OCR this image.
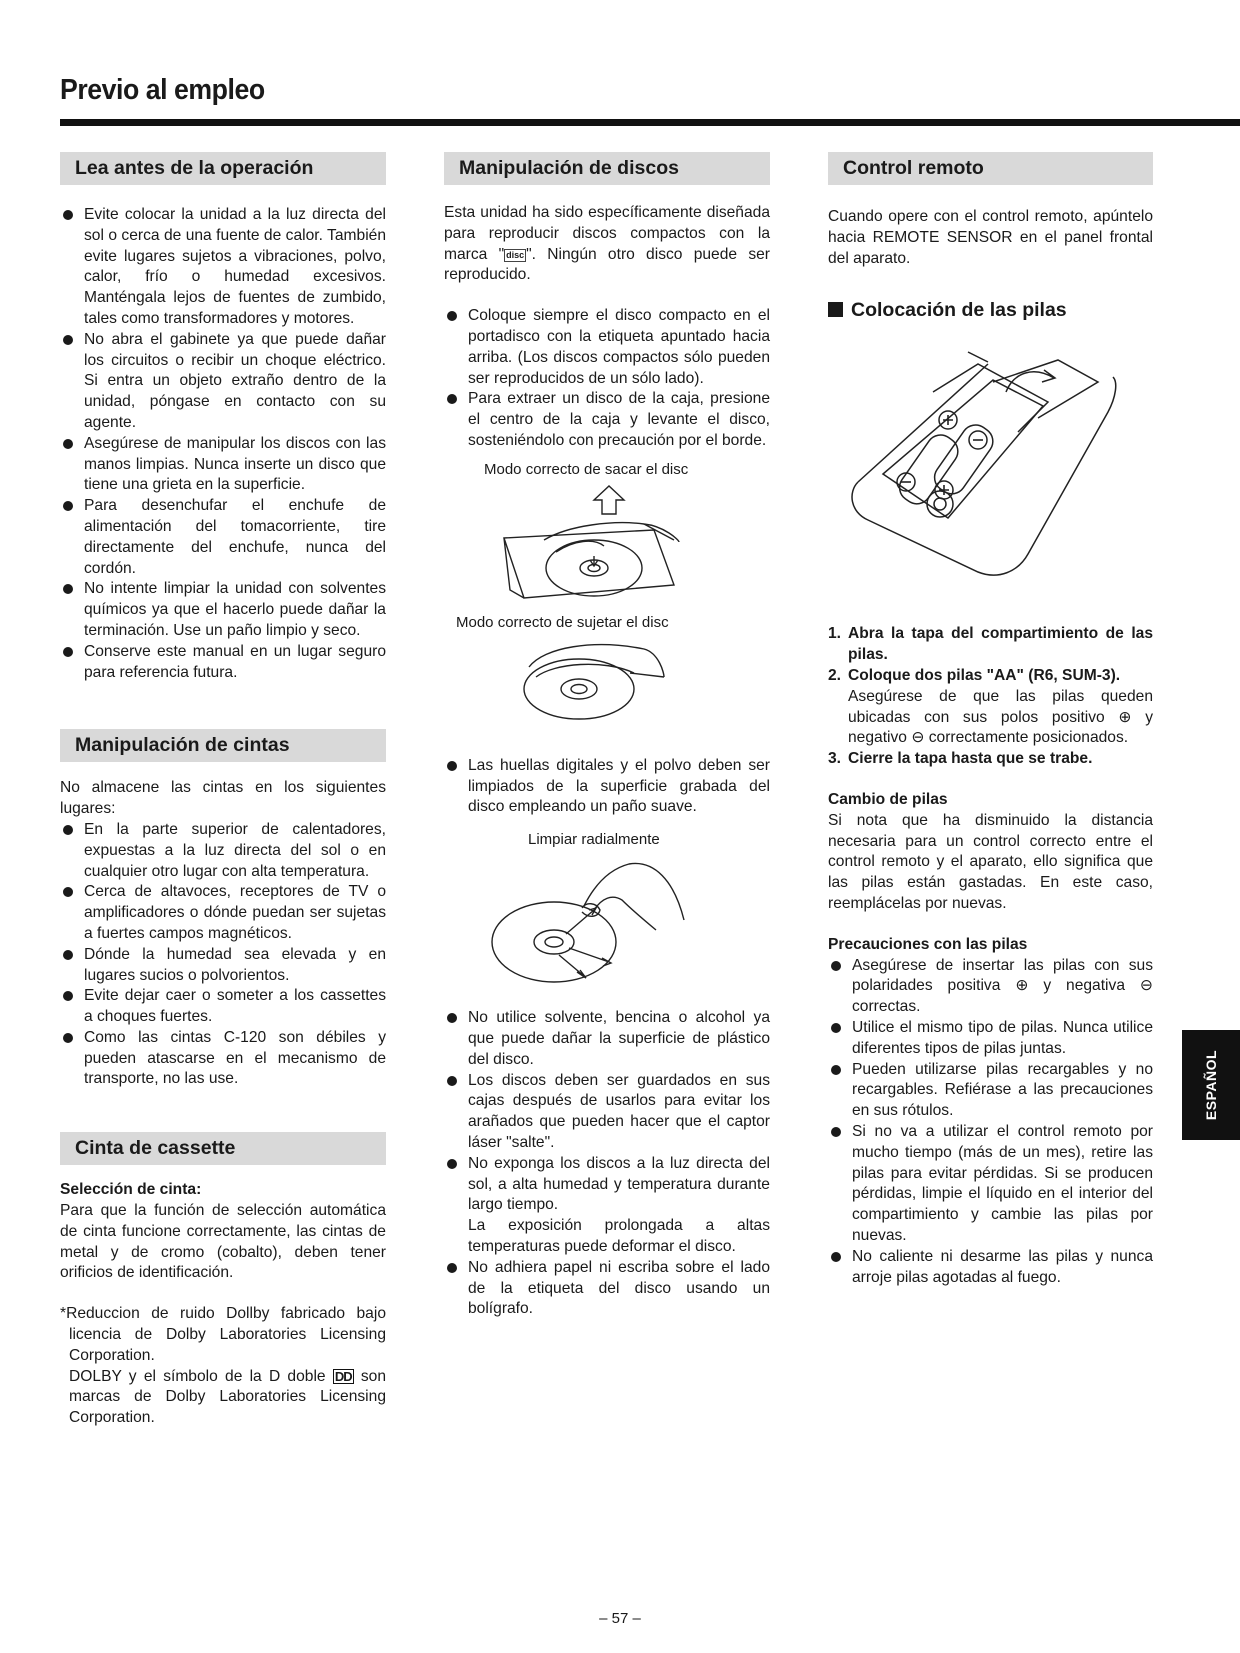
Previo al empleo
Lea antes de la operación
Evite colocar la unidad a la luz directa del sol o cerca de una fuente de calor. También evite lugares sujetos a vibraciones, polvo, calor, frío o humedad excesivos. Manténgala lejos de fuentes de zumbido, tales como transformadores y motores.
No abra el gabinete ya que puede dañar los circuitos o recibir un choque eléctrico. Si entra un objeto extraño dentro de la unidad, póngase en contacto con su agente.
Asegúrese de manipular los discos con las manos limpias. Nunca inserte un disco que tiene una grieta en la superficie.
Para desenchufar el enchufe de alimentación del tomacorriente, tire directamente del enchufe, nunca del cordón.
No intente limpiar la unidad con solventes químicos ya que el hacerlo puede dañar la terminación. Use un paño limpio y seco.
Conserve este manual en un lugar seguro para referencia futura.
Manipulación de cintas

No almacene las cintas en los siguientes lugares:

En la parte superior de calentadores, expuestas a la luz directa del sol o en cualquier otro lugar con alta temperatura.
Cerca de altavoces, receptores de TV o amplificadores o dónde puedan ser sujetas a fuertes campos magnéticos.
Dónde la humedad sea elevada y en lugares sucios o polvorientos.
Evite dejar caer o someter a los cassettes a choques fuertes.
Como las cintas C-120 son débiles y pueden atascarse en el mecanismo de transporte, no las use.
Cinta de cassette

Selección de cinta:

Para que la función de selección automática de cinta funcione correctamente, las cintas de metal y de cromo (cobalto), deben tener orificios de identificación.

*Reduccion de ruido Dollby fabricado bajo licencia de Dolby Laboratories Licensing Corporation.

DOLBY y el símbolo de la D doble DD son marcas de Dolby Laboratories Licensing Corporation.

Manipulación de discos

Esta unidad ha sido específicamente diseñada para reproducir discos compactos con la marca " disc ". Ningún otro disco puede ser reproducido.

Coloque siempre el disco compacto en el portadisco con la etiqueta apuntado hacia arriba. (Los discos compactos sólo pueden ser reproducidos de un sólo lado).
Para extraer un disco de la caja, presione el centro de la caja y levante el disco, sosteniéndolo con precaución por el borde.

Modo correcto de sacar el disc

Modo correcto de sujetar el disc

Las huellas digitales y el polvo deben ser limpiados de la superficie grabada del disco empleando un paño suave.

Limpiar radialmente

No utilice solvente, bencina o alcohol ya que puede dañar la superficie de plástico del disco.
Los discos deben ser guardados en sus cajas después de usarlos para evitar los arañados que pueden hacer que el captor láser "salte".
No exponga los discos a la luz directa del sol, a alta humedad y temperatura durante largo tiempo.

La exposición prolongada a altas temperaturas puede deformar el disco.

No adhiera papel ni escriba sobre el lado de la etiqueta del disco usando un bolígrafo.
Control remoto

Cuando opere con el control remoto, apúntelo hacia REMOTE SENSOR en el panel frontal del aparato.

Colocación de las pilas
1. Abra la tapa del compartimiento de las pilas.
2. Coloque dos pilas "AA" (R6, SUM-3).
Asegúrese de que las pilas queden ubicadas con sus polos positivo ⊕ y negativo ⊖ correctamente posicionados.
3. Cierre la tapa hasta que se trabe.

Cambio de pilas

Si nota que ha disminuido la distancia necesaria para un control correcto entre el control remoto y el aparato, ello significa que las pilas están gastadas. En este caso, reemplácelas por nuevas.

Precauciones con las pilas

Asegúrese de insertar las pilas con sus polaridades positiva ⊕ y negativa ⊖ correctas.
Utilice el mismo tipo de pilas. Nunca utilice diferentes tipos de pilas juntas.
Pueden utilizarse pilas recargables y no recargables. Refiérase a las precauciones en sus rótulos.
Si no va a utilizar el control remoto por mucho tiempo (más de un mes), retire las pilas para evitar pérdidas. Si se producen pérdidas, limpie el líquido en el interior del compartimiento y cambie las pilas por nuevas.
No caliente ni desarme las pilas y nunca arroje pilas agotadas al fuego.
ESPAÑOL

– 57 –
